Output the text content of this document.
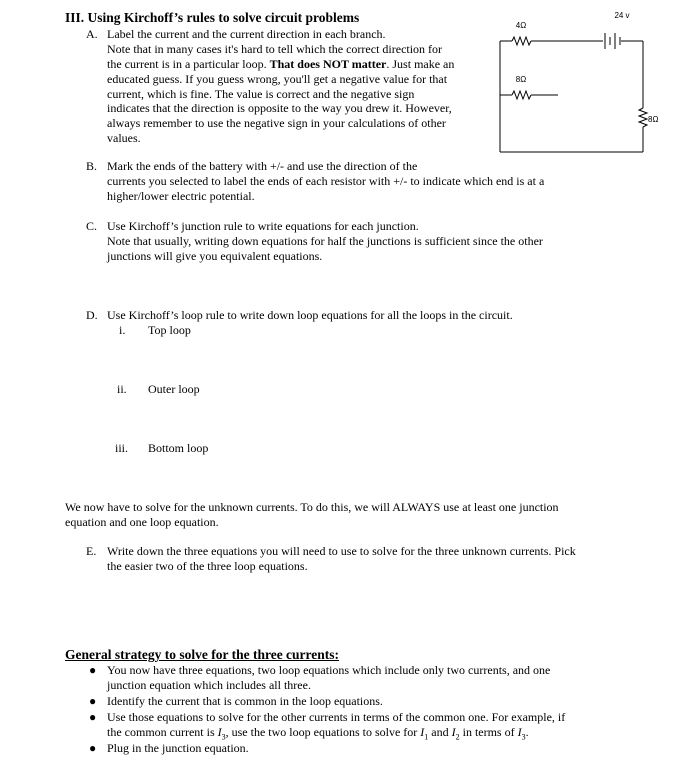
III. Using Kirchoff’s rules to solve circuit problems
A. Label the current and the current direction in each branch.
Note that in many cases it's hard to tell which the correct direction for
the current is in a particular loop. That does NOT matter. Just make an
educated guess. If you guess wrong, you'll get a negative value for that
current, which is fine. The value is correct and the negative sign
indicates that the direction is opposite to the way you drew it. However,
always remember to use the negative sign in your calculations of other
values.
24 v
4Ω
8Ω
8Ω
B. Mark the ends of the battery with +/- and use the direction of the
currents you selected to label the ends of each resistor with +/- to indicate which end is at a
higher/lower electric potential.
C. Use Kirchoff’s junction rule to write equations for each junction.
Note that usually, writing down equations for half the junctions is sufficient since the other
junctions will give you equivalent equations.
D. Use Kirchoff’s loop rule to write down loop equations for all the loops in the circuit.
i. Top loop
ii. Outer loop
iii. Bottom loop
We now have to solve for the unknown currents. To do this, we will ALWAYS use at least one junction
equation and one loop equation.
E. Write down the three equations you will need to use to solve for the three unknown currents. Pick
the easier two of the three loop equations.
General strategy to solve for the three currents:
● You now have three equations, two loop equations which include only two currents, and one
junction equation which includes all three.
● Identify the current that is common in the loop equations.
● Use those equations to solve for the other currents in terms of the common one. For example, if
the common current is $I_3$, use the two loop equations to solve for $I_1$ and $I_2$ in terms of $I_3$.
● Plug in the junction equation.
